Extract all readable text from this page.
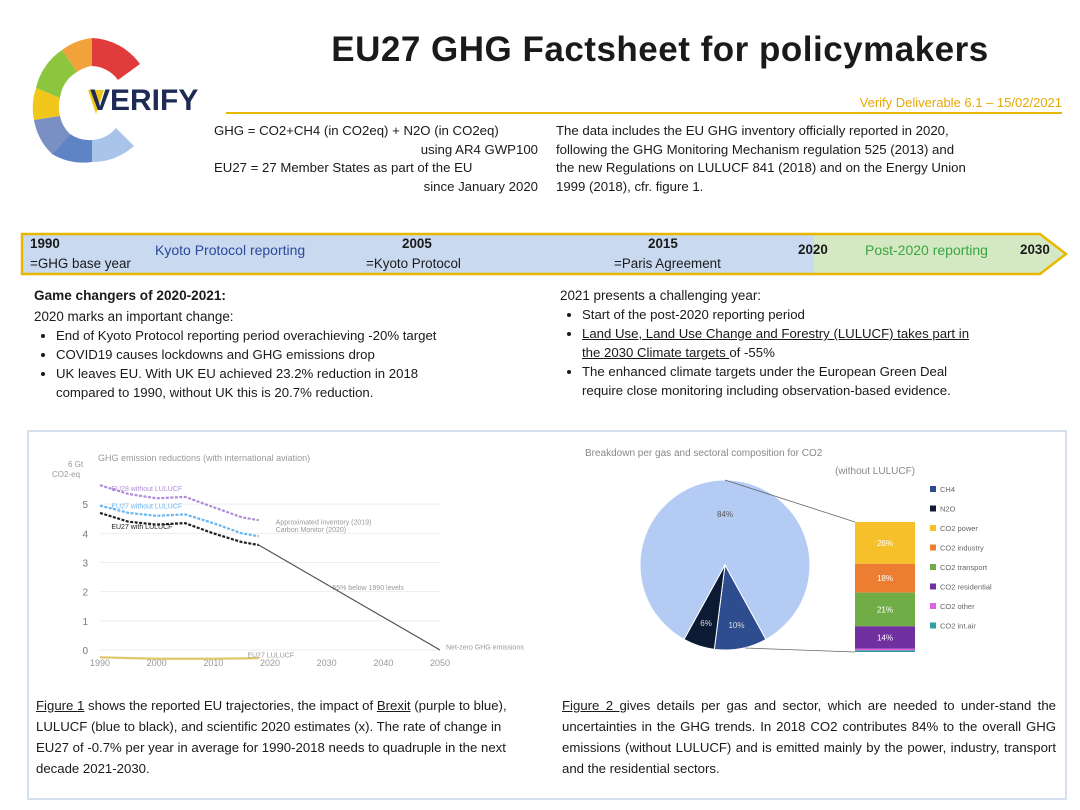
VERIFY
EU27 GHG Factsheet for policymakers
Verify Deliverable 6.1 – 15/02/2021
GHG = CO2+CH4 (in CO2eq) + N2O (in CO2eq)
using AR4 GWP100
EU27 = 27 Member States as part of the EU
since January 2020
The data includes the EU GHG inventory officially reported in 2020,
following the GHG Monitoring Mechanism regulation 525 (2013) and
the new Regulations on LULUCF 841 (2018) and on the Energy Union
1999 (2018), cfr. figure 1.
1990
=GHG base year
Kyoto Protocol reporting	2005
=Kyoto Protocol
2015
=Paris Agreement
2020	Post-2020 reporting 2030
Game changers of 2020-2021:
2020 marks an important change:
• End of Kyoto Protocol reporting period overachieving -20% target
• COVID19 causes lockdowns and GHG emissions drop
• UK leaves EU. With UK EU achieved 23.2% reduction in 2018
compared to 1990, without UK this is 20.7% reduction.
2021 presents a challenging year:
• Start of the post-2020 reporting period
• Land Use, Land Use Change and Forestry (LULUCF) takes part in
the 2030 Climate targets of -55%
• The enhanced climate targets under the European Green Deal
require close monitoring including observation-based evidence.
GHG emission reductions (with international aviation)
6 Gt
CO2-eq
0
1
2
3
4
5
1990	2000	2010	2020	2030	2040	2050
EU28 without LULUCF
EU27 without LULUCF
EU27 with LULUCF
Approximated inventory (2019)
Carbon Monitor (2020)
55% below 1990 levels
Net-zero GHG emissions
EU27 LULUCF
Breakdown per gas and sectoral composition for CO2
(without LULUCF)
84%
10%
6%
26%
18%
21%
14%
CH4
N2O
CO2 power
CO2 industry
CO2 transport
CO2 residential
CO2 other
CO2 int.air
Figure 1 shows the reported EU trajectories, the impact of Brexit (purple to blue), LULUCF (blue to black), and scientific 2020 estimates (x). The rate of change in EU27 of -0.7% per year in average for 1990-2018 needs to quadruple in the next decade 2021-2030.
Figure 2 gives details per gas and sector, which are needed to under-stand the uncertainties in the GHG trends. In 2018 CO2 contributes 84% to the overall GHG emissions (without LULUCF) and is emitted mainly by the power, industry, transport and the residential sectors.
